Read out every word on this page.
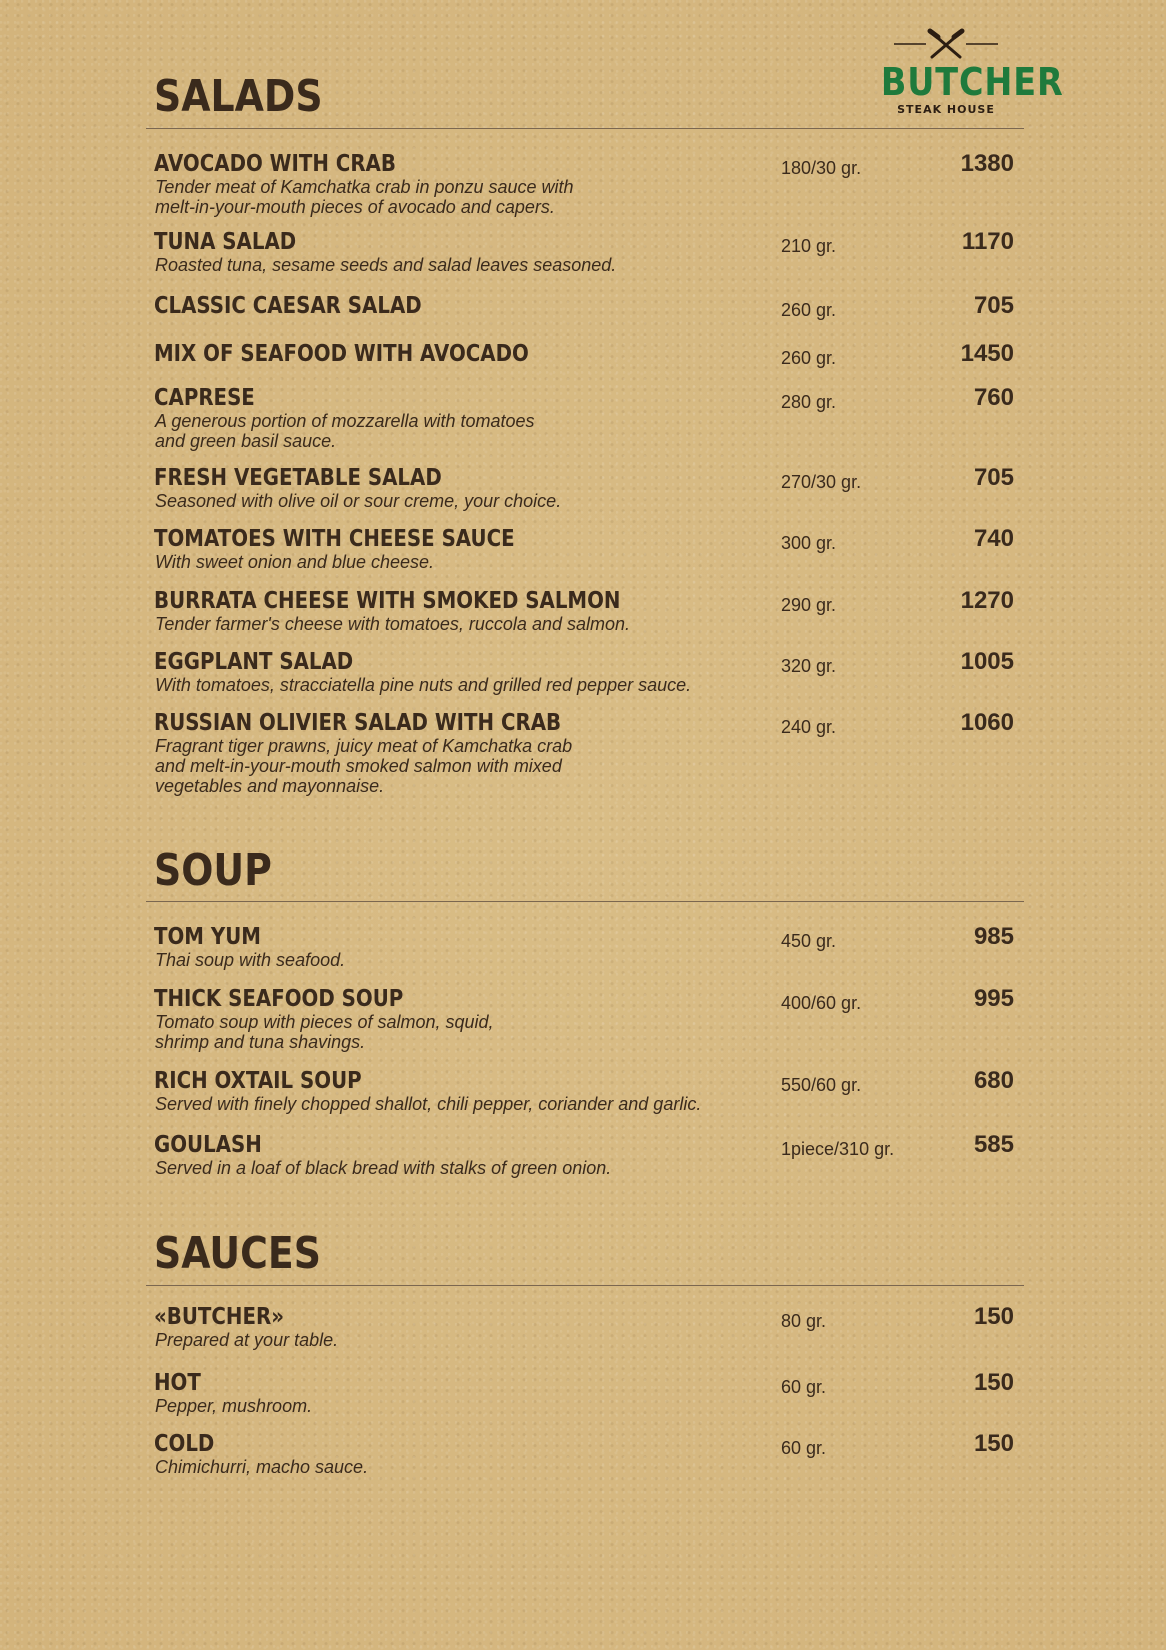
BUTCHER
STEAK HOUSE
SALADS
AVOCADO WITH CRAB
Tender meat of Kamchatka crab in ponzu sauce with
melt-in-your-mouth pieces of avocado and capers.
180/30 gr.	1380
TUNA SALAD
Roasted tuna, sesame seeds and salad leaves seasoned.
210 gr.	1170
CLASSIC CAESAR SALAD	260 gr.	705
MIX OF SEAFOOD WITH AVOCADO	260 gr.	1450
CAPRESE
A generous portion of mozzarella with tomatoes
and green basil sauce.
280 gr.	760
FRESH VEGETABLE SALAD
Seasoned with olive oil or sour creme, your choice.
270/30 gr.	705
TOMATOES WITH CHEESE SAUCE
With sweet onion and blue cheese.
300 gr.	740
BURRATA CHEESE WITH SMOKED SALMON
Tender farmer's cheese with tomatoes, ruccola and salmon.
290 gr.	1270
EGGPLANT SALAD
With tomatoes, stracciatella pine nuts and grilled red pepper sauce.
320 gr.	1005
RUSSIAN OLIVIER SALAD WITH CRAB
Fragrant tiger prawns, juicy meat of Kamchatka crab
and melt-in-your-mouth smoked salmon with mixed
vegetables and mayonnaise.
240 gr.	1060
SOUP
TOM YUM
Thai soup with seafood.
450 gr.	985
THICK SEAFOOD SOUP
Tomato soup with pieces of salmon, squid,
shrimp and tuna shavings.
400/60 gr.	995
RICH OXTAIL SOUP
Served with finely chopped shallot, chili pepper, coriander and garlic.
550/60 gr.	680
GOULASH
Served in a loaf of black bread with stalks of green onion.
1piece/310 gr.	585
SAUCES
«BUTCHER»
Prepared at your table.
80 gr.	150
HOT
Pepper, mushroom.
60 gr.	150
COLD
Chimichurri, macho sauce.
60 gr.	150
